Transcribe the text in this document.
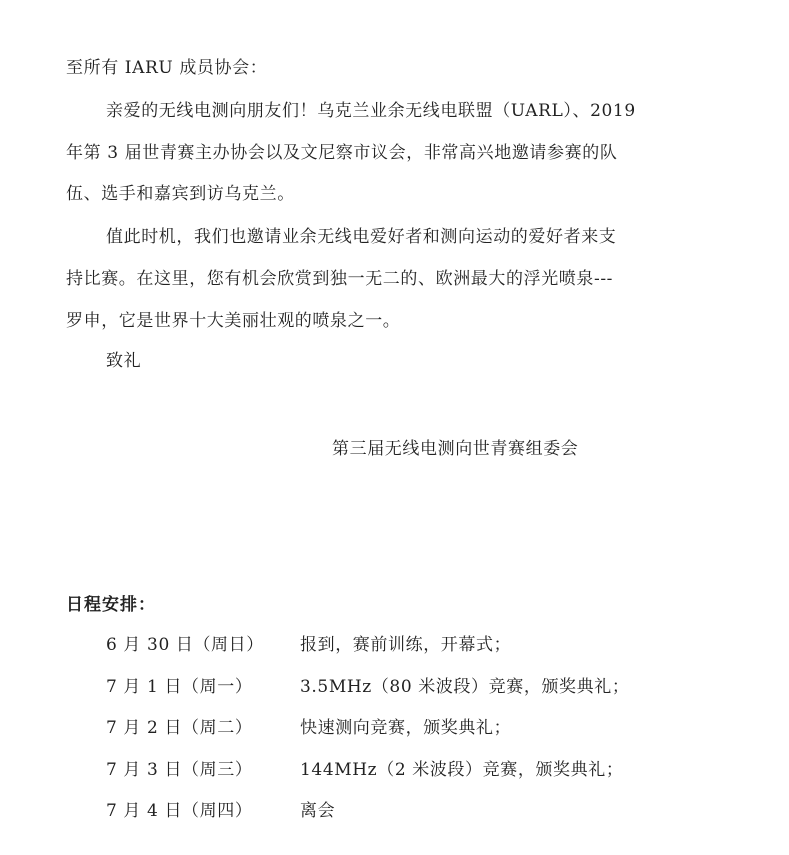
至所有 IARU 成员协会：
亲爱的无线电测向朋友们！乌克兰业余无线电联盟（UARL）、2019
年第 3 届世青赛主办协会以及文尼察市议会，非常高兴地邀请参赛的队
伍、选手和嘉宾到访乌克兰。
值此时机，我们也邀请业余无线电爱好者和测向运动的爱好者来支
持比赛。在这里，您有机会欣赏到独一无二的、欧洲最大的浮光喷泉---
罗申，它是世界十大美丽壮观的喷泉之一。
致礼
第三届无线电测向世青赛组委会
日程安排：
6 月 30 日（周日） 报到，赛前训练，开幕式；
7 月 1 日（周一）	3.5MHz（80 米波段）竞赛，颁奖典礼；
7 月 2 日（周二）	快速测向竞赛，颁奖典礼；
7 月 3 日（周三）	144MHz（2 米波段）竞赛，颁奖典礼；
7 月 4 日（周四）	离会
